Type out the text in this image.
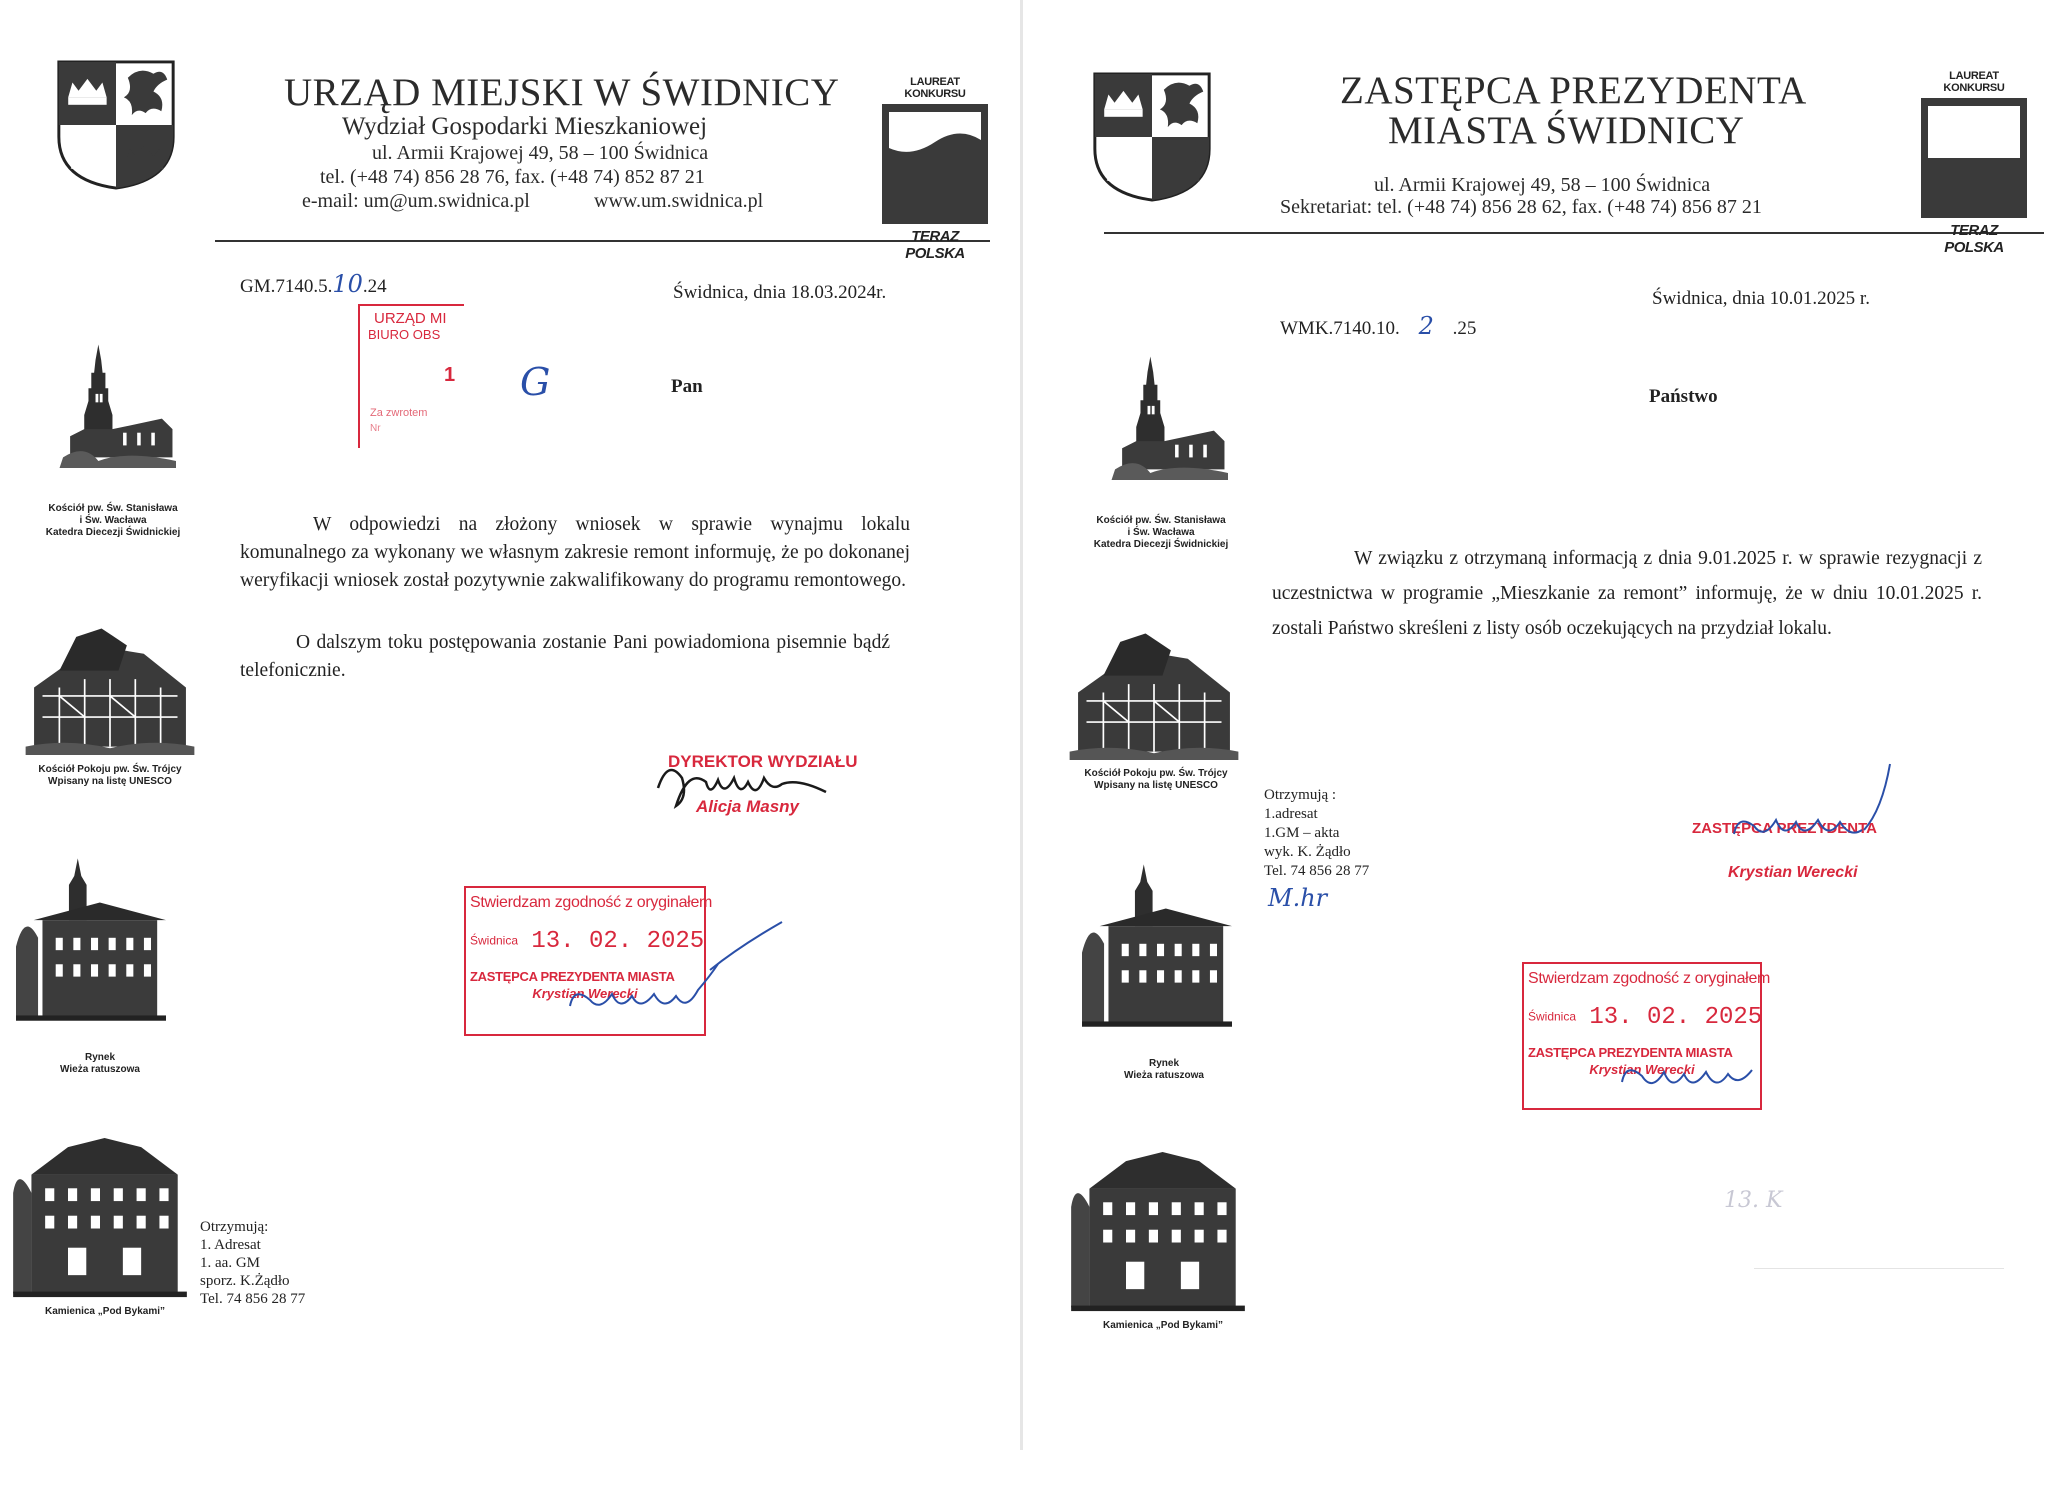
URZĄD MIEJSKI W ŚWIDNICY
Wydział Gospodarki Mieszkaniowej
ul. Armii Krajowej 49, 58 – 100 Świdnica
tel. (+48 74) 856 28 76, fax. (+48 74) 852 87 21
e-mail: um@um.swidnica.pl	www.um.swidnica.pl
LAUREAT KONKURSU
TERAZ POLSKA
Kościół pw. Św. Stanisława
i Św. Wacława
Katedra Diecezji Świdnickiej
Kościół Pokoju pw. Św. Trójcy
Wpisany na listę UNESCO
Rynek
Wieża ratuszowa
Kamienica „Pod Bykami”
GM.7140.5.10.24	Świdnica, dnia 18.03.2024r.
URZĄD MI
BIURO OBS
1
Za zwrotem
Nr
G	Pan
W odpowiedzi na złożony wniosek w sprawie wynajmu lokalu komunalnego za wykonany we własnym zakresie remont informuję, że po dokonanej weryfikacji wniosek został pozytywnie zakwalifikowany do programu remontowego.
O dalszym toku postępowania zostanie Pani powiadomiona pisemnie bądź telefonicznie.
DYREKTOR WYDZIAŁU
Alicja Masny
Stwierdzam zgodność z oryginałem
Świdnica 13. 02. 2025
ZASTĘPCA PREZYDENTA MIASTA
Krystian Werecki
Otrzymują:
1. Adresat
1. aa. GM
sporz. K.Żądło
Tel. 74 856 28 77
ZASTĘPCA PREZYDENTA
MIASTA ŚWIDNICY
ul. Armii Krajowej 49, 58 – 100 Świdnica
Sekretariat: tel. (+48 74) 856 28 62, fax. (+48 74) 856 87 21
LAUREAT KONKURSU
TERAZ POLSKA
Kościół pw. Św. Stanisława
i Św. Wacława
Katedra Diecezji Świdnickiej
Kościół Pokoju pw. Św. Trójcy
Wpisany na listę UNESCO
Rynek
Wieża ratuszowa
Kamienica „Pod Bykami”
Świdnica, dnia 10.01.2025 r.
WMK.7140.10. 2 .25
Państwo
W związku z otrzymaną informacją z dnia 9.01.2025 r. w sprawie rezygnacji z uczestnictwa w programie „Mieszkanie za remont” informuję, że w dniu 10.01.2025 r. zostali Państwo skreśleni z listy osób oczekujących na przydział lokalu.
Otrzymują :
1.adresat
1.GM – akta
wyk. K. Żądło
Tel. 74 856 28 77
M.hr
ZASTĘPCA PREZYDENTA
Krystian Werecki
Stwierdzam zgodność z oryginałem
Świdnica 13. 02. 2025
ZASTĘPCA PREZYDENTA MIASTA
Krystian Werecki
13. K
